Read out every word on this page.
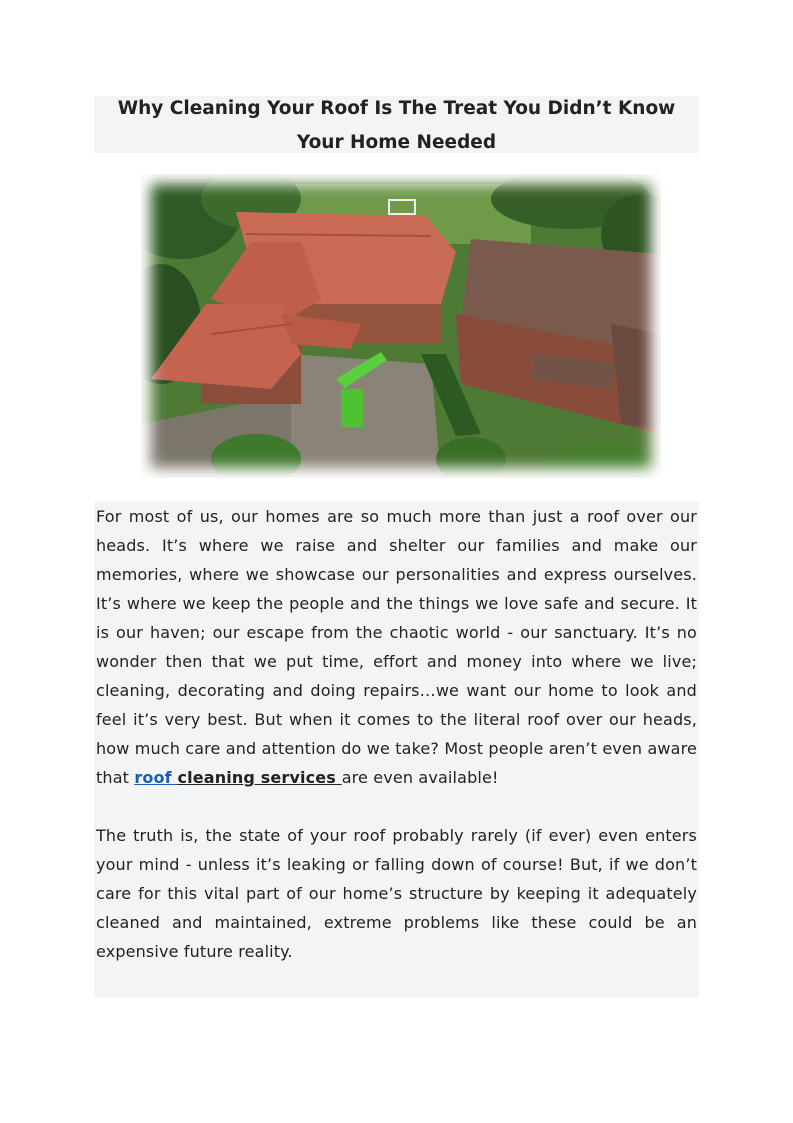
Why Cleaning Your Roof Is The Treat You Didn’t Know Your Home Needed

For most of us, our homes are so much more than just a roof over our heads. It’s where we raise and shelter our families and make our memories, where we showcase our personalities and express ourselves. It’s where we keep the people and the things we love safe and secure. It is our haven; our escape from the chaotic world - our sanctuary. It’s no wonder then that we put time, effort and money into where we live; cleaning, decorating and doing repairs…we want our home to look and feel it’s very best. But when it comes to the literal roof over our heads, how much care and attention do we take? Most people aren’t even aware that roof cleaning services are even available!

The truth is, the state of your roof probably rarely (if ever) even enters your mind - unless it’s leaking or falling down of course! But, if we don’t care for this vital part of our home’s structure by keeping it adequately cleaned and maintained, extreme problems like these could be an expensive future reality.
